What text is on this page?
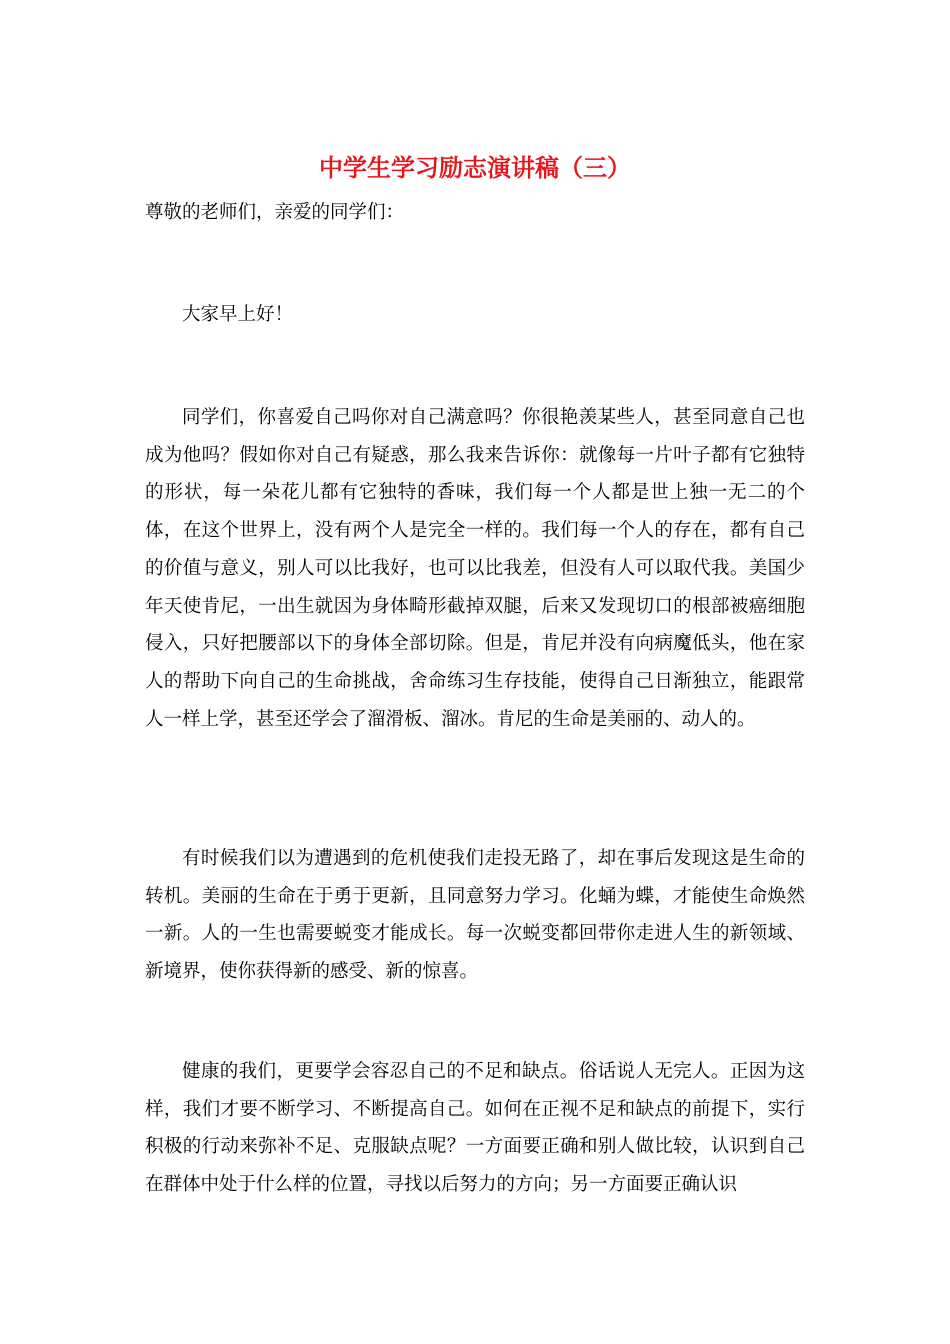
中学生学习励志演讲稿（三）

尊敬的老师们，亲爱的同学们：

大家早上好！

同学们，你喜爱自己吗你对自己满意吗？你很艳羡某些人，甚至同意自己也成为他吗？假如你对自己有疑惑，那么我来告诉你：就像每一片叶子都有它独特的形状，每一朵花儿都有它独特的香味，我们每一个人都是世上独一无二的个体，在这个世界上，没有两个人是完全一样的。我们每一个人的存在，都有自己的价值与意义，别人可以比我好，也可以比我差，但没有人可以取代我。美国少年天使肯尼，一出生就因为身体畸形截掉双腿，后来又发现切口的根部被癌细胞侵入，只好把腰部以下的身体全部切除。但是，肯尼并没有向病魔低头，他在家人的帮助下向自己的生命挑战，舍命练习生存技能，使得自己日渐独立，能跟常人一样上学，甚至还学会了溜滑板、溜冰。肯尼的生命是美丽的、动人的。

有时候我们以为遭遇到的危机使我们走投无路了，却在事后发现这是生命的转机。美丽的生命在于勇于更新，且同意努力学习。化蛹为蝶，才能使生命焕然一新。人的一生也需要蜕变才能成长。每一次蜕变都回带你走进人生的新领域、新境界，使你获得新的感受、新的惊喜。

健康的我们，更要学会容忍自己的不足和缺点。俗话说人无完人。正因为这样，我们才要不断学习、不断提高自己。如何在正视不足和缺点的前提下，实行积极的行动来弥补不足、克服缺点呢？一方面要正确和别人做比较，认识到自己在群体中处于什么样的位置，寻找以后努力的方向；另一方面要正确认识
